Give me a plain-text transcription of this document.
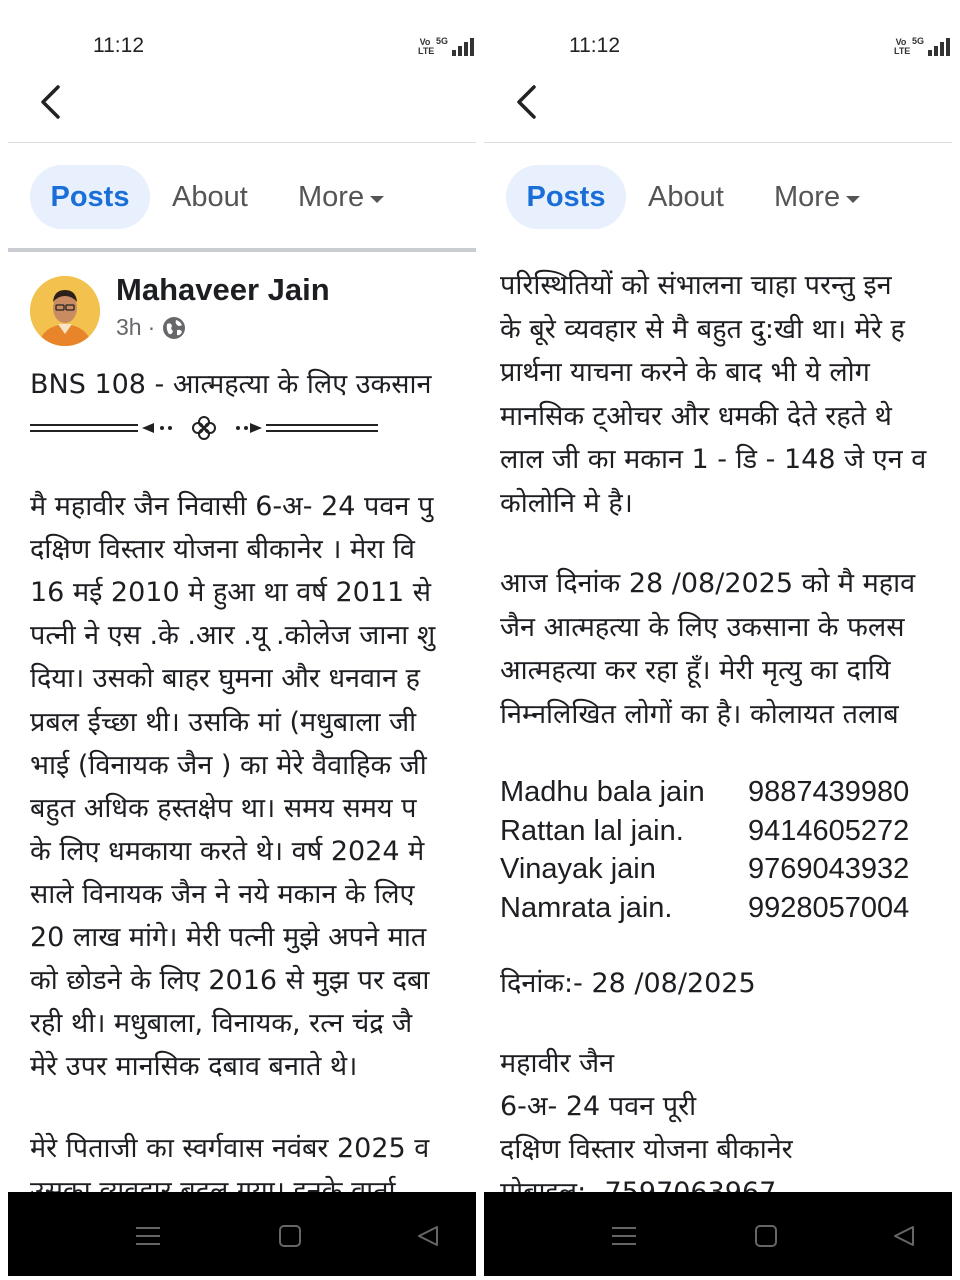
11:12	Vo
LTE
5G
Posts	About More
Mahaveer Jain
3h ·
BNS 108 - आत्महत्या के लिए उकसान
मै महावीर जैन निवासी 6-अ- 24 पवन पु
दक्षिण विस्तार योजना बीकानेर । मेरा वि
16 मई 2010 मे हुआ था वर्ष 2011 से
पत्नी ने एस .के .आर .यू .कोलेज जाना शु
दिया। उसको बाहर घुमना और धनवान ह
प्रबल ईच्छा थी। उसकि मां (मधुबाला जी
भाई (विनायक जैन ) का मेरे वैवाहिक जी
बहुत अधिक हस्तक्षेप था। समय समय प
के लिए धमकाया करते थे। वर्ष 2024 मे
साले विनायक जैन ने नये मकान के लिए
20 लाख मांगे। मेरी पत्नी मुझे अपने मात
को छोडने के लिए 2016 से मुझ पर दबा
रही थी। मधुबाला, विनायक, रत्न चंद्र जै
मेरे उपर मानसिक दबाव बनाते थे।
मेरे पिताजी का स्वर्गवास नवंबर 2025 व
11:12	Vo
LTE
5G
Posts	About More
परिस्थितियों को संभालना चाहा परन्तु इन
के बूरे व्यवहार से मै बहुत दु:खी था। मेरे ह
प्रार्थना याचना करने के बाद भी ये लोग
मानसिक ट्ओचर और धमकी देते रहते थे
लाल जी का मकान 1 - डि - 148 जे एन व
कोलोनि मे है।
आज दिनांक 28 /08/2025 को मै महाव
जैन आत्महत्या के लिए उकसाना के फलस
आत्महत्या कर रहा हूँ। मेरी मृत्यु का दायि
निम्नलिखित लोगों का है। कोलायत तलाब
Madhu bala jain 9887439980
Rattan lal jain. 9414605272
Vinayak jain	9769043932
Namrata jain.	9928057004
दिनांक:- 28 /08/2025
महावीर जैन
6-अ- 24 पवन पूरी
दक्षिण विस्तार योजना बीकानेर
